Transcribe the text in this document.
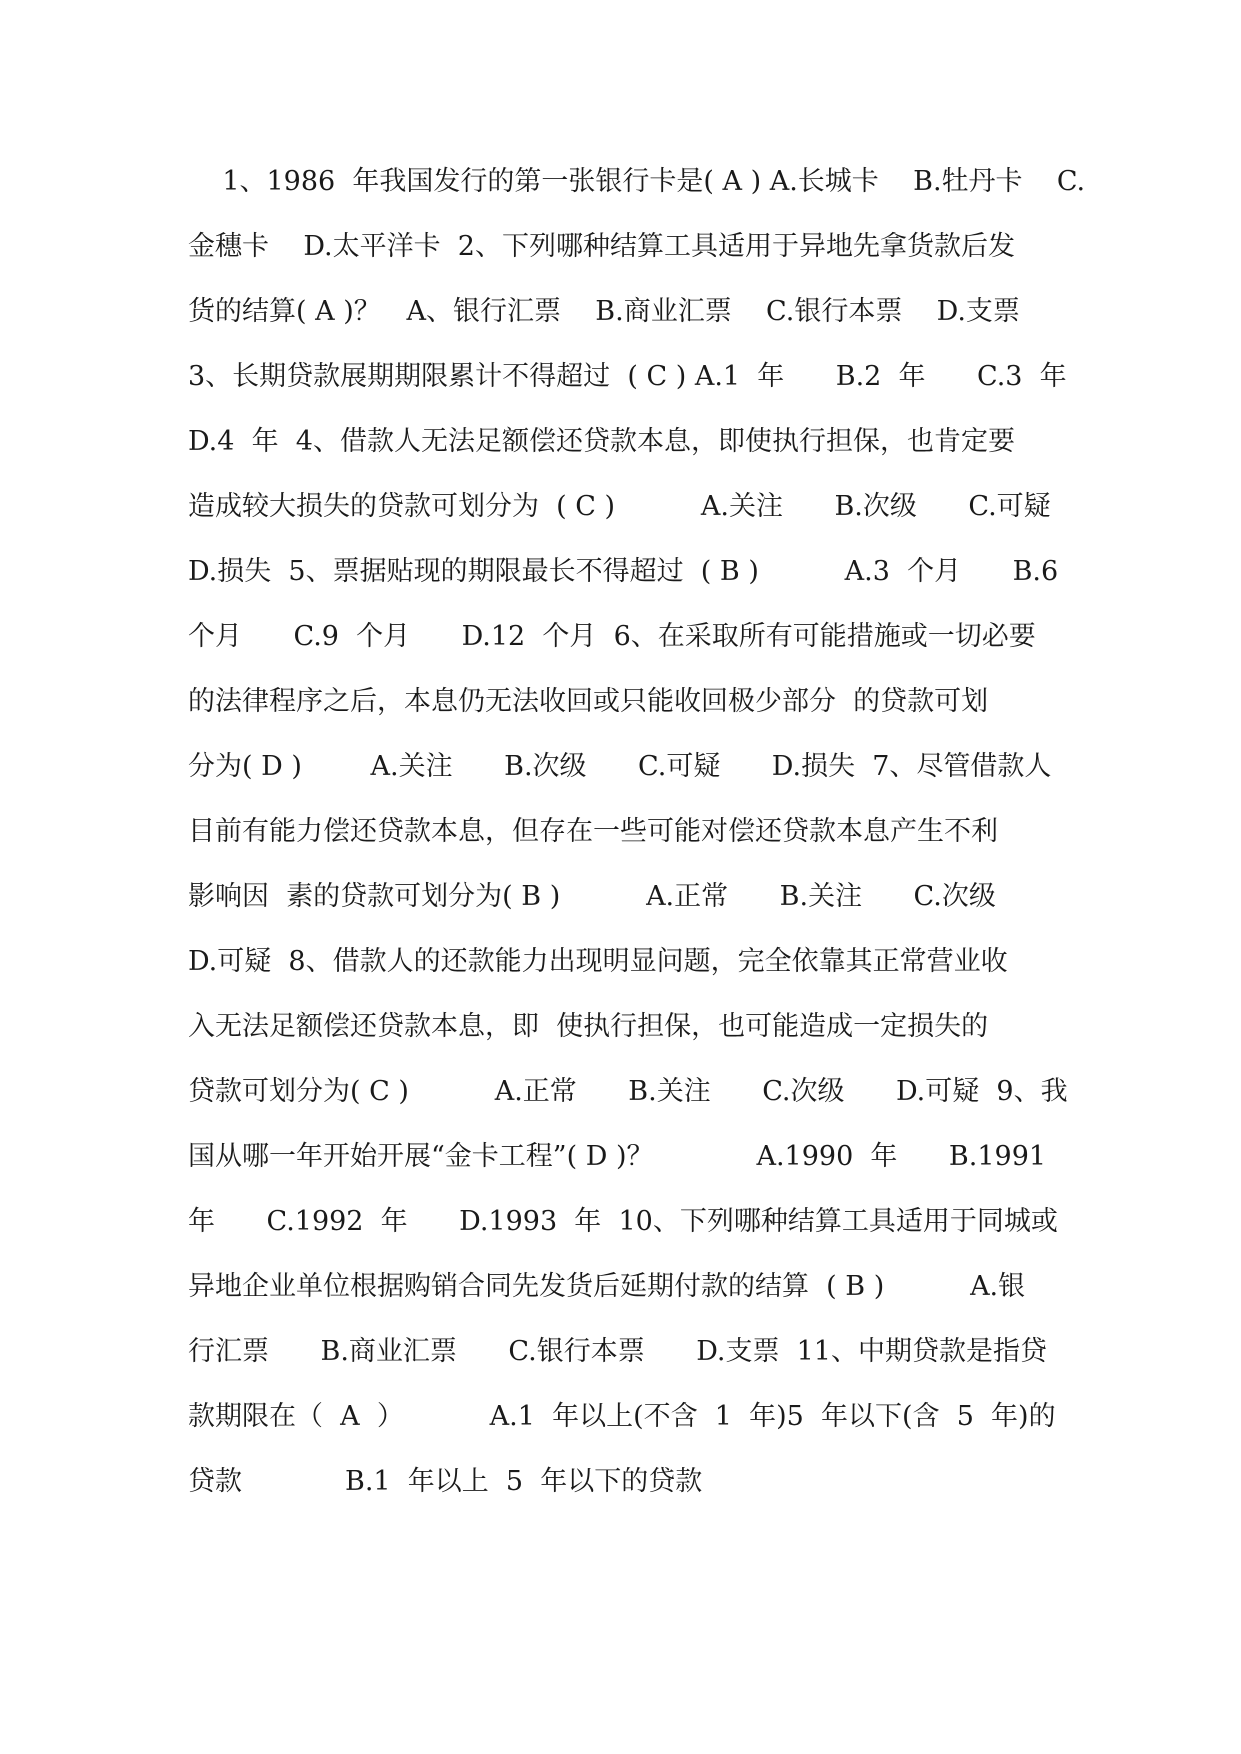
1、1986  年我国发行的第一张银行卡是( A ) A.长城卡    B.牡丹卡    C.
金穗卡    D.太平洋卡  2、下列哪种结算工具适用于异地先拿货款后发
货的结算( A )？   A、银行汇票    B.商业汇票    C.银行本票    D.支票
3、长期贷款展期期限累计不得超过  ( C ) A.1  年      B.2  年      C.3  年
D.4  年  4、借款人无法足额偿还贷款本息，即使执行担保，也肯定要
造成较大损失的贷款可划分为  ( C )          A.关注      B.次级      C.可疑
D.损失  5、票据贴现的期限最长不得超过  ( B )          A.3  个月      B.6
个月      C.9  个月      D.12  个月  6、在采取所有可能措施或一切必要
的法律程序之后，本息仍无法收回或只能收回极少部分  的贷款可划
分为( D )        A.关注      B.次级      C.可疑      D.损失  7、尽管借款人
目前有能力偿还贷款本息，但存在一些可能对偿还贷款本息产生不利
影响因  素的贷款可划分为( B )          A.正常      B.关注      C.次级
D.可疑  8、借款人的还款能力出现明显问题，完全依靠其正常营业收
入无法足额偿还贷款本息，即  使执行担保，也可能造成一定损失的
贷款可划分为( C )          A.正常      B.关注      C.次级      D.可疑  9、我
国从哪一年开始开展“金卡工程”( D )？            A.1990  年      B.1991
年      C.1992  年      D.1993  年  10、下列哪种结算工具适用于同城或
异地企业单位根据购销合同先发货后延期付款的结算  ( B )          A.银
行汇票      B.商业汇票      C.银行本票      D.支票  11、中期贷款是指贷
款期限在（  A  ）          A.1  年以上(不含  1  年)5  年以下(含  5  年)的
贷款            B.1  年以上  5  年以下的贷款
